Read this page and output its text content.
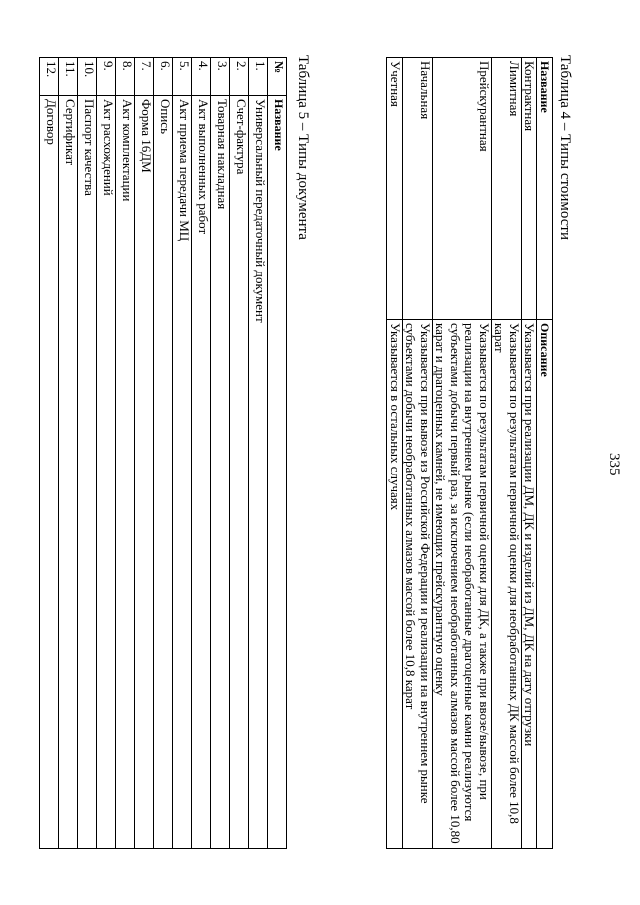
335
Таблица 4 – Типы стоимости
Название	Описание
Контрактная	Указывается при реализации ДМ, ДК и изделий из ДМ, ДК на дату отгрузки
Лимитная	Указывается по результатам первичной оценки для необработанных ДК массой более 10,8 карат
Прейскурантная	Указывается по результатам первичной оценки для ДК, а также при ввозе/вывозе, при реализации на внутреннем рынке (если необработанные драгоценные камни реализуются субъектами добычи первый раз, за исключением необработанных алмазов массой более 10,80 карат и драгоценных камней, не имеющих прейскурантную оценку
Начальная	Указывается при вывозе из Российской Федерации и реализации на внутреннем рынке субъектами добычи необработанных алмазов массой более 10,8 карат
Учетная	Указывается в остальных случаях
Таблица 5 – Типы документа
№	Название
1.	Универсальный передаточный документ
2.	Счет-фактура
3.	Товарная накладная
4.	Акт выполненных работ
5.	Акт приема передачи МЦ
6.	Опись
7.	Форма 16ДМ
8.	Акт комплектации
9.	Акт расхождений
10.	Паспорт качества
11.	Сертификат
12.	Договор
